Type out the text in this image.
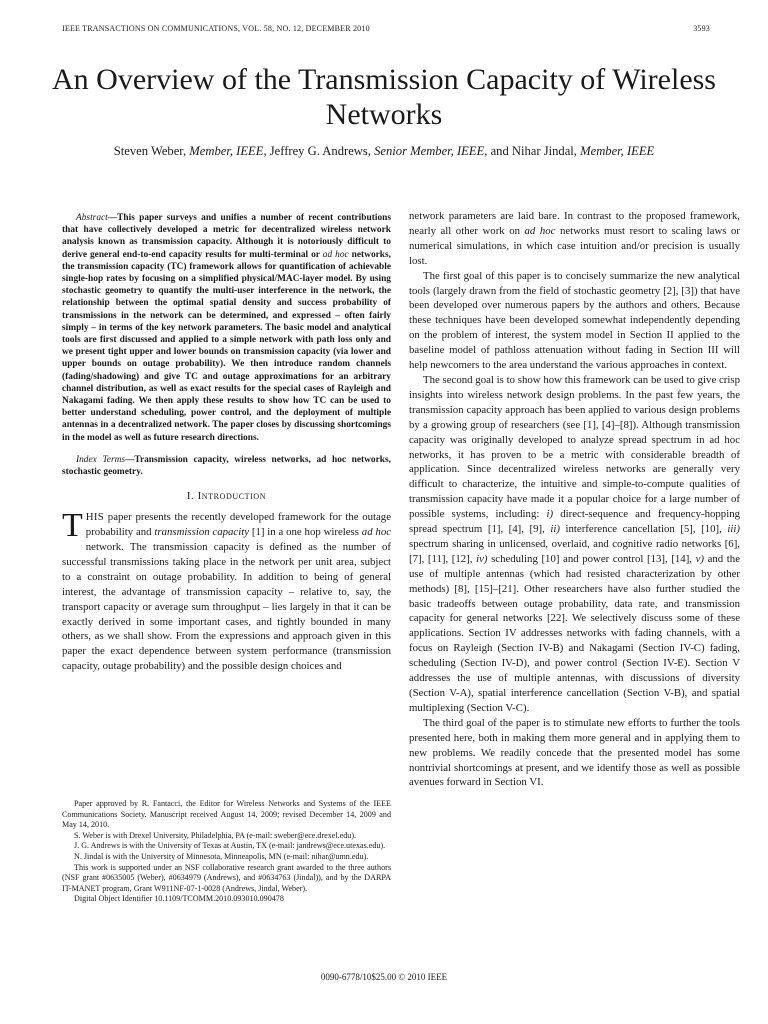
IEEE TRANSACTIONS ON COMMUNICATIONS, VOL. 58, NO. 12, DECEMBER 2010	3593
An Overview of the Transmission Capacity of Wireless Networks
Steven Weber, Member, IEEE, Jeffrey G. Andrews, Senior Member, IEEE, and Nihar Jindal, Member, IEEE

Abstract—This paper surveys and unifies a number of recent contributions that have collectively developed a metric for decentralized wireless network analysis known as transmission capacity. Although it is notoriously difficult to derive general end-to-end capacity results for multi-terminal or ad hoc networks, the transmission capacity (TC) framework allows for quantification of achievable single-hop rates by focusing on a simplified physical/MAC-layer model. By using stochastic geometry to quantify the multi-user interference in the network, the relationship between the optimal spatial density and success probability of transmissions in the network can be determined, and expressed – often fairly simply – in terms of the key network parameters. The basic model and analytical tools are first discussed and applied to a simple network with path loss only and we present tight upper and lower bounds on transmission capacity (via lower and upper bounds on outage probability). We then introduce random channels (fading/shadowing) and give TC and outage approximations for an arbitrary channel distribution, as well as exact results for the special cases of Rayleigh and Nakagami fading. We then apply these results to show how TC can be used to better understand scheduling, power control, and the deployment of multiple antennas in a decentralized network. The paper closes by discussing shortcomings in the model as well as future research directions.

Index Terms—Transmission capacity, wireless networks, ad hoc networks, stochastic geometry.

I. Introduction

THIS paper presents the recently developed framework for the outage probability and transmission capacity [1] in a one hop wireless ad hoc network. The transmission capacity is defined as the number of successful transmissions taking place in the network per unit area, subject to a constraint on outage probability. In addition to being of general interest, the advantage of transmission capacity – relative to, say, the transport capacity or average sum throughput – lies largely in that it can be exactly derived in some important cases, and tightly bounded in many others, as we shall show. From the expressions and approach given in this paper the exact dependence between system performance (transmission capacity, outage probability) and the possible design choices and

Paper approved by R. Fantacci, the Editor for Wireless Networks and Systems of the IEEE Communications Society. Manuscript received August 14, 2009; revised December 14, 2009 and May 14, 2010.

S. Weber is with Drexel University, Philadelphia, PA (e-mail: sweber@ece.drexel.edu).

J. G. Andrews is with the University of Texas at Austin, TX (e-mail: jandrews@ece.utexas.edu).

N. Jindal is with the University of Minnesota, Minneapolis, MN (e-mail: nihar@umn.edu).

This work is supported under an NSF collaborative research grant awarded to the three authors (NSF grant #0635005 (Weber), #0634979 (Andrews), and #0634763 (Jindal)), and by the DARPA IT-MANET program, Grant W911NF-07-1-0028 (Andrews, Jindal, Weber).

Digital Object Identifier 10.1109/TCOMM.2010.093010.090478

network parameters are laid bare. In contrast to the proposed framework, nearly all other work on ad hoc networks must resort to scaling laws or numerical simulations, in which case intuition and/or precision is usually lost.

The first goal of this paper is to concisely summarize the new analytical tools (largely drawn from the field of stochastic geometry [2], [3]) that have been developed over numerous papers by the authors and others. Because these techniques have been developed somewhat independently depending on the problem of interest, the system model in Section II applied to the baseline model of pathloss attenuation without fading in Section III will help newcomers to the area understand the various approaches in context.

The second goal is to show how this framework can be used to give crisp insights into wireless network design problems. In the past few years, the transmission capacity approach has been applied to various design problems by a growing group of researchers (see [1], [4]–[8]). Although transmission capacity was originally developed to analyze spread spectrum in ad hoc networks, it has proven to be a metric with considerable breadth of application. Since decentralized wireless networks are generally very difficult to characterize, the intuitive and simple-to-compute qualities of transmission capacity have made it a popular choice for a large number of possible systems, including: i) direct-sequence and frequency-hopping spread spectrum [1], [4], [9], ii) interference cancellation [5], [10], iii) spectrum sharing in unlicensed, overlaid, and cognitive radio networks [6], [7], [11], [12], iv) scheduling [10] and power control [13], [14], v) and the use of multiple antennas (which had resisted characterization by other methods) [8], [15]–[21]. Other researchers have also further studied the basic tradeoffs between outage probability, data rate, and transmission capacity for general networks [22]. We selectively discuss some of these applications. Section IV addresses networks with fading channels, with a focus on Rayleigh (Section IV-B) and Nakagami (Section IV-C) fading, scheduling (Section IV-D), and power control (Section IV-E). Section V addresses the use of multiple antennas, with discussions of diversity (Section V-A), spatial interference cancellation (Section V-B), and spatial multiplexing (Section V-C).

The third goal of the paper is to stimulate new efforts to further the tools presented here, both in making them more general and in applying them to new problems. We readily concede that the presented model has some nontrivial shortcomings at present, and we identify those as well as possible avenues forward in Section VI.

0090-6778/10$25.00 © 2010 IEEE
